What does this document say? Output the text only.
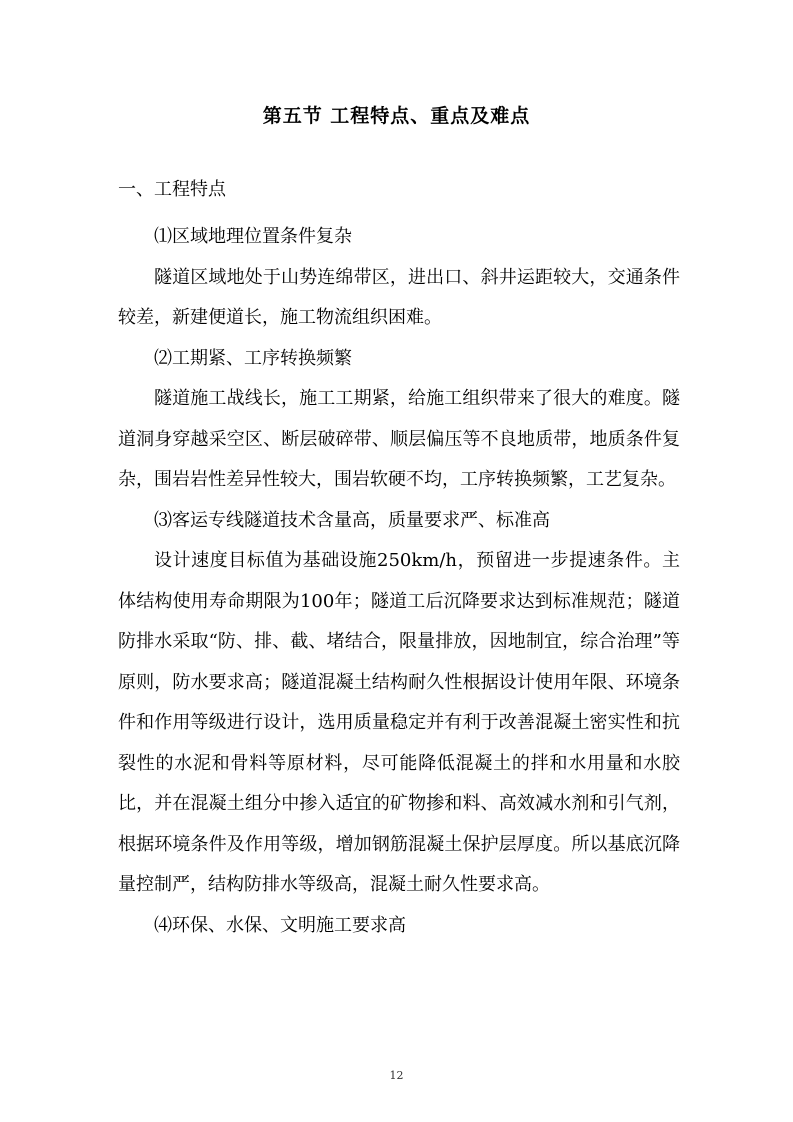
第五节 工程特点、重点及难点
一、工程特点

⑴区域地理位置条件复杂

隧道区域地处于山势连绵带区，进出口、斜井运距较大，交通条件较差，新建便道长，施工物流组织困难。

⑵工期紧、工序转换频繁

隧道施工战线长，施工工期紧，给施工组织带来了很大的难度。隧道洞身穿越采空区、断层破碎带、顺层偏压等不良地质带，地质条件复杂，围岩岩性差异性较大，围岩软硬不均，工序转换频繁，工艺复杂。

⑶客运专线隧道技术含量高，质量要求严、标准高

设计速度目标值为基础设施250km/h，预留进一步提速条件。主体结构使用寿命期限为100年；隧道工后沉降要求达到标准规范；隧道防排水采取“防、排、截、堵结合，限量排放，因地制宜，综合治理”等原则，防水要求高；隧道混凝土结构耐久性根据设计使用年限、环境条件和作用等级进行设计，选用质量稳定并有利于改善混凝土密实性和抗裂性的水泥和骨料等原材料，尽可能降低混凝土的拌和水用量和水胶比，并在混凝土组分中掺入适宜的矿物掺和料、高效减水剂和引气剂，根据环境条件及作用等级，增加钢筋混凝土保护层厚度。所以基底沉降量控制严，结构防排水等级高，混凝土耐久性要求高。

⑷环保、水保、文明施工要求高

12
